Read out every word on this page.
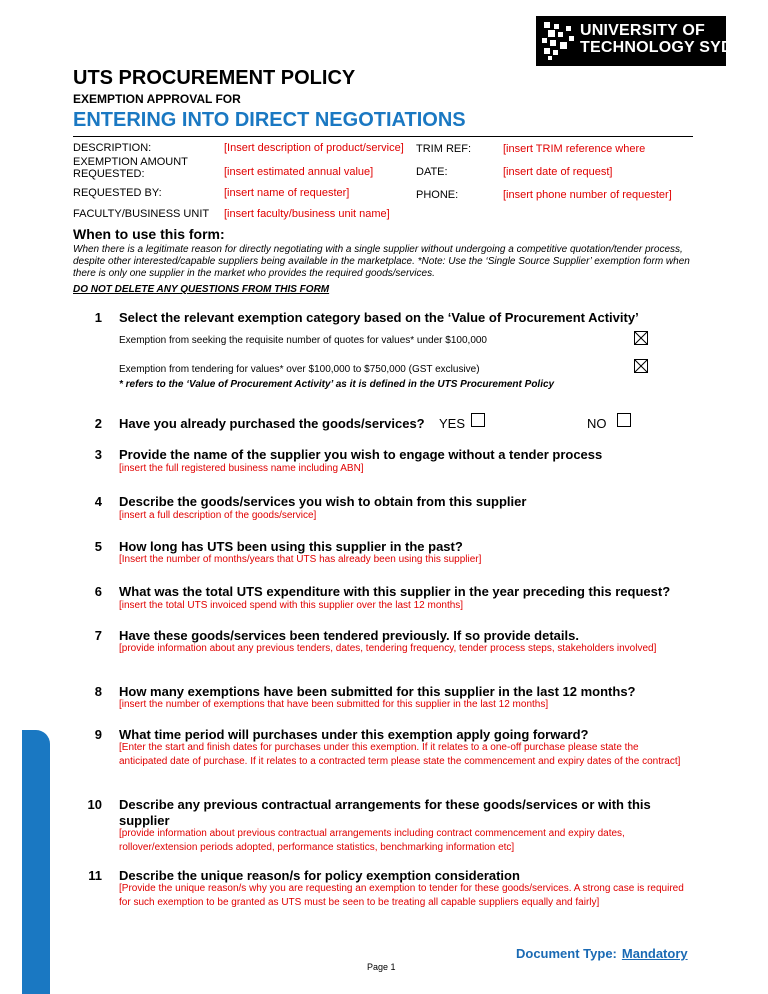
UNIVERSITY OF
TECHNOLOGY SYDNEY
UTS PROCUREMENT POLICY
EXEMPTION APPROVAL FOR
ENTERING INTO DIRECT NEGOTIATIONS
DESCRIPTION:	[Insert description of product/service] TRIM REF:	[insert TRIM reference where
EXEMPTION AMOUNT REQUESTED:	[insert estimated annual value]	DATE:	[insert date of request]
REQUESTED BY:	[insert name of requester]	PHONE:	[insert phone number of requester]
FACULTY/BUSINESS UNIT [insert faculty/business unit name]
When to use this form:
When there is a legitimate reason for directly negotiating with a single supplier without undergoing a competitive quotation/tender process, despite other interested/capable suppliers being available in the marketplace. *Note: Use the ‘Single Source Supplier’ exemption form when there is only one supplier in the market who provides the required goods/services.
DO NOT DELETE ANY QUESTIONS FROM THIS FORM
1 Select the relevant exemption category based on the ‘Value of Procurement Activity’
Exemption from seeking the requisite number of quotes for values* under $100,000
Exemption from tendering for values* over $100,000 to $750,000 (GST exclusive)
* refers to the ‘Value of Procurement Activity’ as it is defined in the UTS Procurement Policy
2 Have you already purchased the goods/services? YES	NO
3 Provide the name of the supplier you wish to engage without a tender process
[insert the full registered business name including ABN]
4 Describe the goods/services you wish to obtain from this supplier
[insert a full description of the goods/service]
5 How long has UTS been using this supplier in the past?
[Insert the number of months/years that UTS has already been using this supplier]
6 What was the total UTS expenditure with this supplier in the year preceding this request?
[insert the total UTS invoiced spend with this supplier over the last 12 months]
7 Have these goods/services been tendered previously. If so provide details.
[provide information about any previous tenders, dates, tendering frequency, tender process steps, stakeholders involved]
8 How many exemptions have been submitted for this supplier in the last 12 months?
[insert the number of exemptions that have been submitted for this supplier in the last 12 months]
9 What time period will purchases under this exemption apply going forward?
[Enter the start and finish dates for purchases under this exemption. If it relates to a one-off purchase please state the anticipated date of purchase. If it relates to a contracted term please state the commencement and expiry dates of the contract]
10 Describe any previous contractual arrangements for these goods/services or with this supplier
[provide information about previous contractual arrangements including contract commencement and expiry dates, rollover/extension periods adopted, performance statistics, benchmarking information etc]
11 Describe the unique reason/s for policy exemption consideration
[Provide the unique reason/s why you are requesting an exemption to tender for these goods/services. A strong case is required for such exemption to be granted as UTS must be seen to be treating all capable suppliers equally and fairly]
Document Type: Mandatory
Page 1
